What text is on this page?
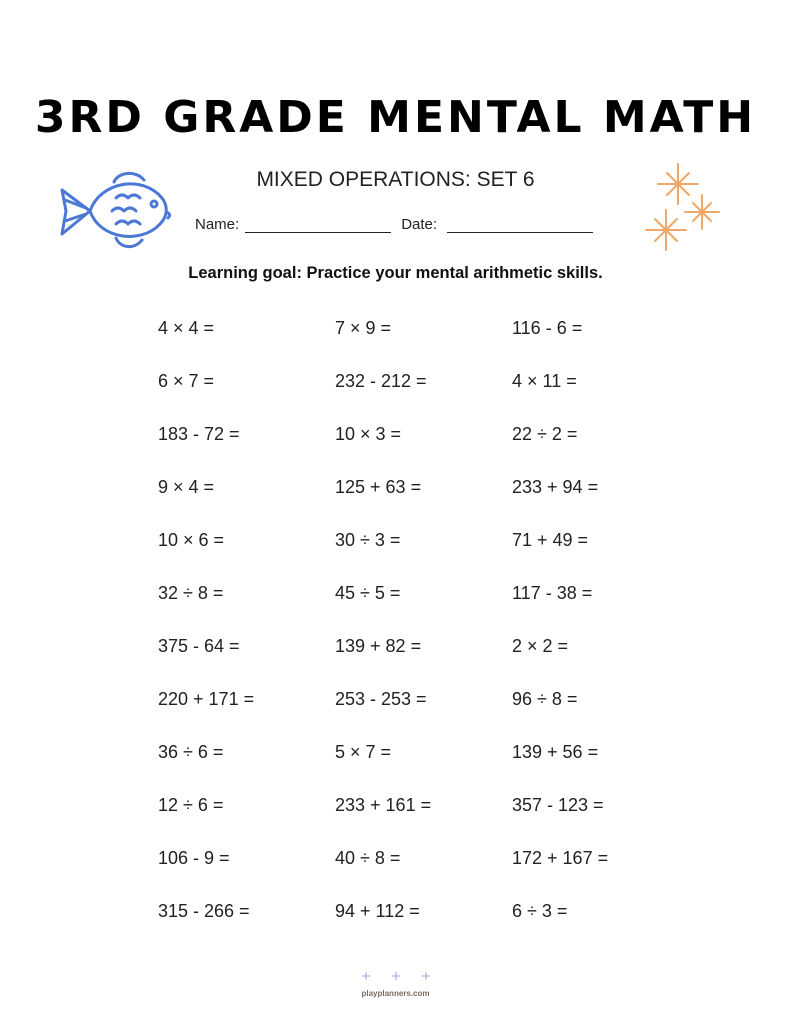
3RD GRADE MENTAL MATH
MIXED OPERATIONS: SET 6
Name:	Date:
Learning goal: Practice your mental arithmetic skills.
4 × 4 =	7 × 9 =	116 - 6 =
6 × 7 =	232 - 212 =	4 × 11 =
183 - 72 =	10 × 3 =	22 ÷ 2 =
9 × 4 =	125 + 63 =	233 + 94 =
10 × 6 =	30 ÷ 3 =	71 + 49 =
32 ÷ 8 =	45 ÷ 5 =	117 - 38 =
375 - 64 =	139 + 82 =	2 × 2 =
220 + 171 =	253 - 253 =	96 ÷ 8 =
36 ÷ 6 =	5 × 7 =	139 + 56 =
12 ÷ 6 =	233 + 161 =	357 - 123 =
106 - 9 =	40 ÷ 8 =	172 + 167 =
315 - 266 =	94 + 112 =	6 ÷ 3 =
playplanners.com
